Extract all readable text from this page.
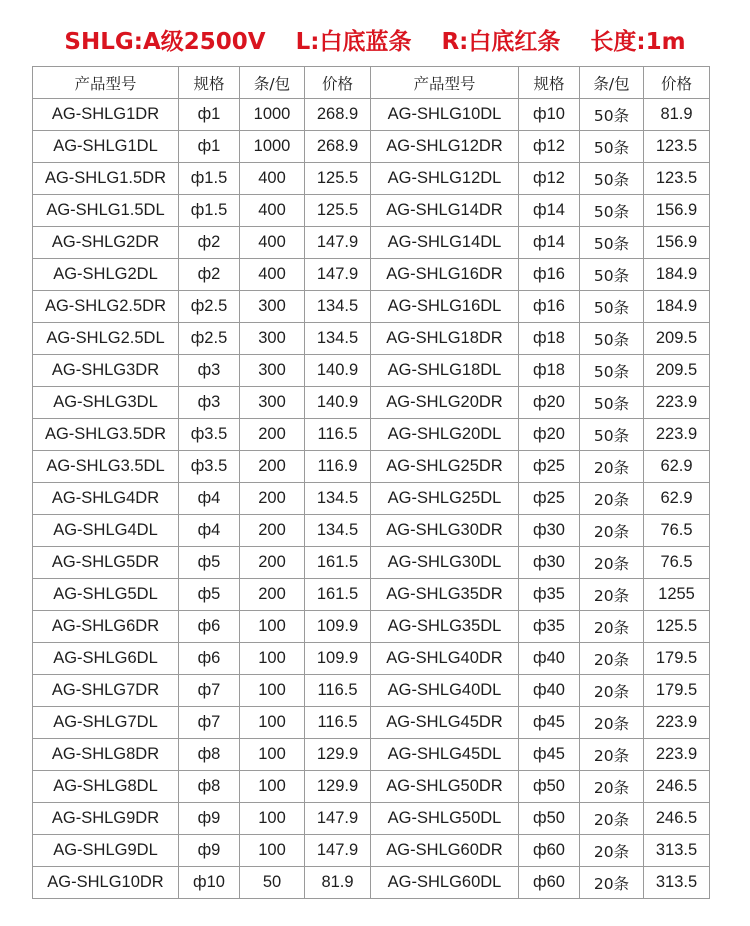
SHLG:A级2500V L:白底蓝条 R:白底红条 长度:1m
产品型号	规格	条/包	价格	产品型号	规格	条/包	价格
AG-SHLG1DR	ф1	1000	268.9	AG-SHLG10DL	ф10	50条	81.9
AG-SHLG1DL	ф1	1000	268.9	AG-SHLG12DR	ф12	50条	123.5
AG-SHLG1.5DR	ф1.5	400	125.5	AG-SHLG12DL	ф12	50条	123.5
AG-SHLG1.5DL	ф1.5	400	125.5	AG-SHLG14DR	ф14	50条	156.9
AG-SHLG2DR	ф2	400	147.9	AG-SHLG14DL	ф14	50条	156.9
AG-SHLG2DL	ф2	400	147.9	AG-SHLG16DR	ф16	50条	184.9
AG-SHLG2.5DR	ф2.5	300	134.5	AG-SHLG16DL	ф16	50条	184.9
AG-SHLG2.5DL	ф2.5	300	134.5	AG-SHLG18DR	ф18	50条	209.5
AG-SHLG3DR	ф3	300	140.9	AG-SHLG18DL	ф18	50条	209.5
AG-SHLG3DL	ф3	300	140.9	AG-SHLG20DR	ф20	50条	223.9
AG-SHLG3.5DR	ф3.5	200	116.5	AG-SHLG20DL	ф20	50条	223.9
AG-SHLG3.5DL	ф3.5	200	116.9	AG-SHLG25DR	ф25	20条	62.9
AG-SHLG4DR	ф4	200	134.5	AG-SHLG25DL	ф25	20条	62.9
AG-SHLG4DL	ф4	200	134.5	AG-SHLG30DR	ф30	20条	76.5
AG-SHLG5DR	ф5	200	161.5	AG-SHLG30DL	ф30	20条	76.5
AG-SHLG5DL	ф5	200	161.5	AG-SHLG35DR	ф35	20条	1255
AG-SHLG6DR	ф6	100	109.9	AG-SHLG35DL	ф35	20条	125.5
AG-SHLG6DL	ф6	100	109.9	AG-SHLG40DR	ф40	20条	179.5
AG-SHLG7DR	ф7	100	116.5	AG-SHLG40DL	ф40	20条	179.5
AG-SHLG7DL	ф7	100	116.5	AG-SHLG45DR	ф45	20条	223.9
AG-SHLG8DR	ф8	100	129.9	AG-SHLG45DL	ф45	20条	223.9
AG-SHLG8DL	ф8	100	129.9	AG-SHLG50DR	ф50	20条	246.5
AG-SHLG9DR	ф9	100	147.9	AG-SHLG50DL	ф50	20条	246.5
AG-SHLG9DL	ф9	100	147.9	AG-SHLG60DR	ф60	20条	313.5
AG-SHLG10DR	ф10	50	81.9	AG-SHLG60DL	ф60	20条	313.5
